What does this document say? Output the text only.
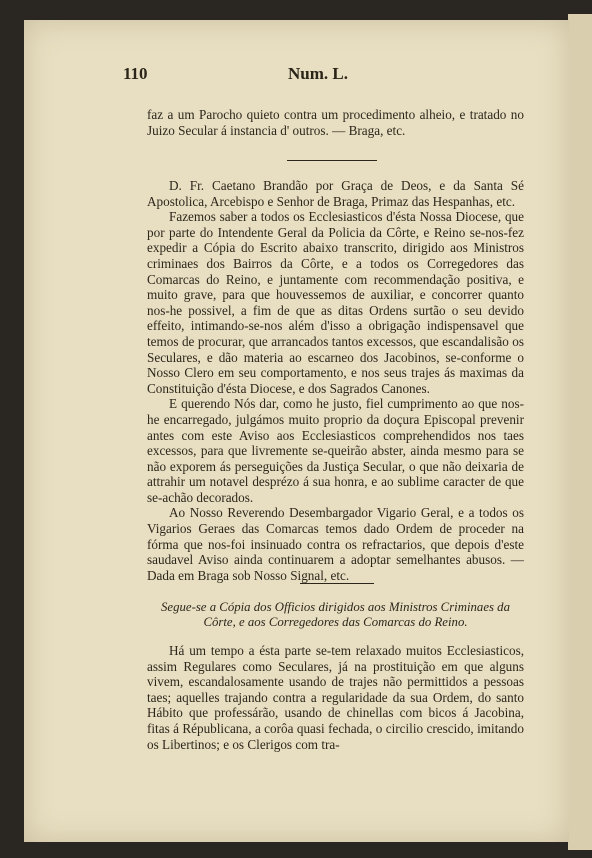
110	Num. L.

faz a um Parocho quieto contra um procedimento alheio, e tratado no Juizo Secular á instancia d' outros. — Braga, etc.

D. Fr. Caetano Brandão por Graça de Deos, e da Santa Sé Apostolica, Arcebispo e Senhor de Braga, Primaz das Hespanhas, etc.

Fazemos saber a todos os Ecclesiasticos d'ésta Nossa Diocese, que por parte do Intendente Geral da Policia da Côrte, e Reino se-nos-fez expedir a Cópia do Escrito abaixo transcrito, dirigido aos Ministros criminaes dos Bairros da Côrte, e a todos os Corregedores das Comarcas do Reino, e juntamente com recommendação positiva, e muito grave, para que houvessemos de auxiliar, e concorrer quanto nos-he possivel, a fim de que as ditas Ordens surtão o seu devido effeito, intimando-se-nos além d'isso a obrigação indispensavel que temos de procurar, que arrancados tantos excessos, que escandalisão os Seculares, e dão materia ao escarneo dos Jacobinos, se-conforme o Nosso Clero em seu comportamento, e nos seus trajes ás maximas da Constituição d'ésta Diocese, e dos Sagrados Canones.

E querendo Nós dar, como he justo, fiel cumprimento ao que nos-he encarregado, julgámos muito proprio da doçura Episcopal prevenir antes com este Aviso aos Ecclesiasticos comprehendidos nos taes excessos, para que livremente se-queirão abster, ainda mesmo para se não exporem ás perseguições da Justiça Secular, o que não deixaria de attrahir um notavel desprézo á sua honra, e ao sublime caracter de que se-achão decorados.

Ao Nosso Reverendo Desembargador Vigario Geral, e a todos os Vigarios Geraes das Comarcas temos dado Ordem de proceder na fórma que nos-foi insinuado contra os refractarios, que depois d'este saudavel Aviso ainda continuarem a adoptar semelhantes abusos. — Dada em Braga sob Nosso Signal, etc.

Segue-se a Cópia dos Officios dirigidos aos Ministros Criminaes da Côrte, e aos Corregedores das Comarcas do Reino.

Há um tempo a ésta parte se-tem relaxado muitos Ecclesiasticos, assim Regulares como Seculares, já na prostituição em que alguns vivem, escandalosamente usando de trajes não permittidos a pessoas taes; aquelles trajando contra a regularidade da sua Ordem, do santo Hábito que professárão, usando de chinellas com bicos á Jacobina, fitas á Républicana, a corôa quasi fechada, o circilio crescido, imitando os Libertinos; e os Clerigos com tra-
